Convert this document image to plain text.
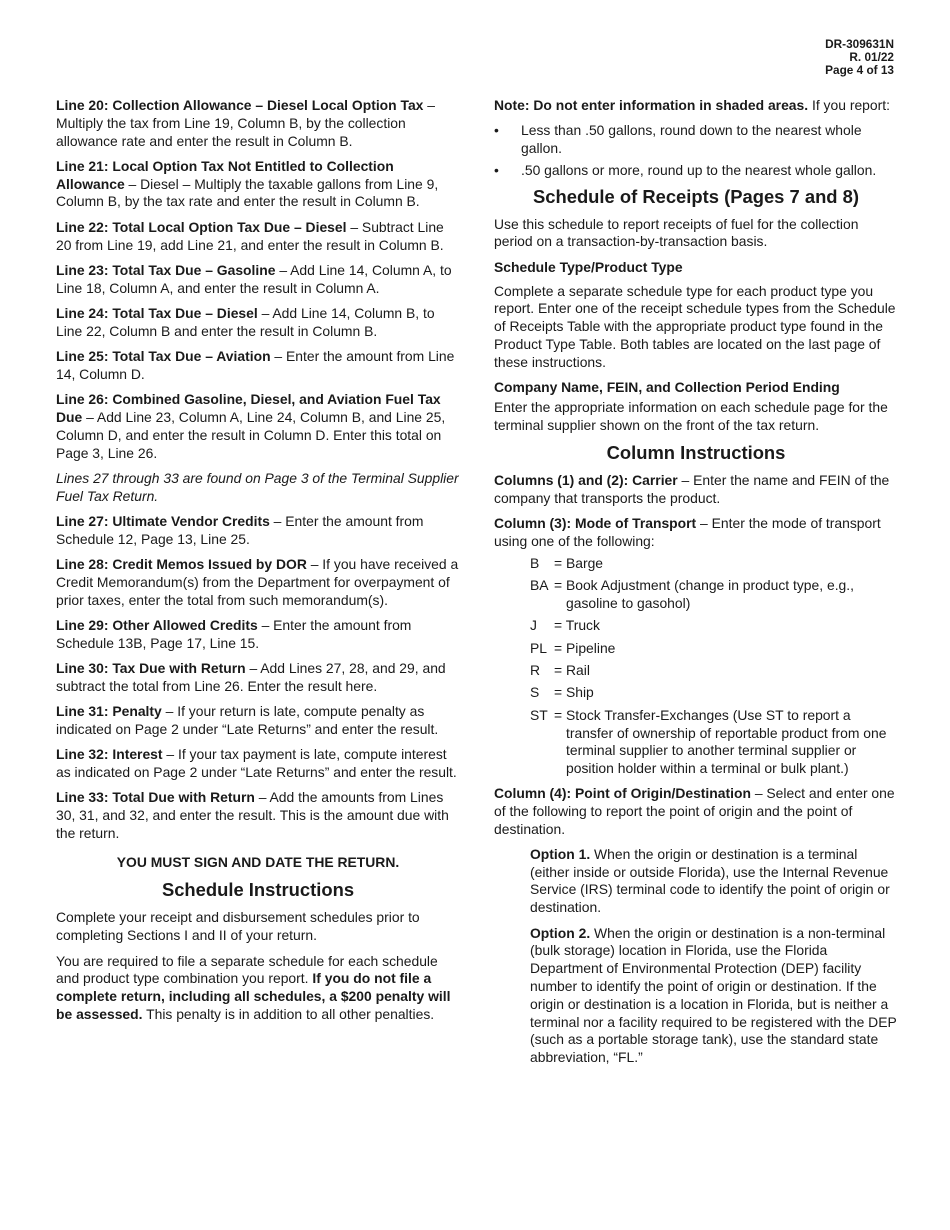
DR-309631N
R. 01/22
Page 4 of 13

Line 20: Collection Allowance – Diesel Local Option Tax – Multiply the tax from Line 19, Column B, by the collection allowance rate and enter the result in Column B.

Line 21: Local Option Tax Not Entitled to Collection Allowance – Diesel – Multiply the taxable gallons from Line 9, Column B, by the tax rate and enter the result in Column B.

Line 22: Total Local Option Tax Due – Diesel – Subtract Line 20 from Line 19, add Line 21, and enter the result in Column B.

Line 23: Total Tax Due – Gasoline – Add Line 14, Column A, to Line 18, Column A, and enter the result in Column A.

Line 24: Total Tax Due – Diesel – Add Line 14, Column B, to Line 22, Column B and enter the result in Column B.

Line 25: Total Tax Due – Aviation – Enter the amount from Line 14, Column D.

Line 26: Combined Gasoline, Diesel, and Aviation Fuel Tax Due – Add Line 23, Column A, Line 24, Column B, and Line 25, Column D, and enter the result in Column D. Enter this total on Page 3, Line 26.

Lines 27 through 33 are found on Page 3 of the Terminal Supplier Fuel Tax Return.

Line 27: Ultimate Vendor Credits – Enter the amount from Schedule 12, Page 13, Line 25.

Line 28: Credit Memos Issued by DOR – If you have received a Credit Memorandum(s) from the Department for overpayment of prior taxes, enter the total from such memorandum(s).

Line 29: Other Allowed Credits – Enter the amount from Schedule 13B, Page 17, Line 15.

Line 30: Tax Due with Return – Add Lines 27, 28, and 29, and subtract the total from Line 26. Enter the result here.

Line 31: Penalty – If your return is late, compute penalty as indicated on Page 2 under “Late Returns” and enter the result.

Line 32: Interest – If your tax payment is late, compute interest as indicated on Page 2 under “Late Returns” and enter the result.

Line 33: Total Due with Return – Add the amounts from Lines 30, 31, and 32, and enter the result. This is the amount due with the return.

YOU MUST SIGN AND DATE THE RETURN.

Schedule Instructions

Complete your receipt and disbursement schedules prior to completing Sections I and II of your return.

You are required to file a separate schedule for each schedule and product type combination you report. If you do not file a complete return, including all schedules, a $200 penalty will be assessed. This penalty is in addition to all other penalties.

Note: Do not enter information in shaded areas. If you report:

• Less than .50 gallons, round down to the nearest whole gallon.
• .50 gallons or more, round up to the nearest whole gallon.
Schedule of Receipts (Pages 7 and 8)

Use this schedule to report receipts of fuel for the collection period on a transaction-by-transaction basis.

Schedule Type/Product Type

Complete a separate schedule type for each product type you report. Enter one of the receipt schedule types from the Schedule of Receipts Table with the appropriate product type found in the Product Type Table. Both tables are located on the last page of these instructions.

Company Name, FEIN, and Collection Period Ending

Enter the appropriate information on each schedule page for the terminal supplier shown on the front of the tax return.

Column Instructions

Columns (1) and (2): Carrier – Enter the name and FEIN of the company that transports the product.

Column (3): Mode of Transport – Enter the mode of transport using one of the following:

B	= Barge
BA = Book Adjustment (change in product type, e.g., gasoline to gasohol)
J	= Truck
PL = Pipeline
R	= Rail
S	= Ship
ST = Stock Transfer-Exchanges (Use ST to report a transfer of ownership of reportable product from one terminal supplier to another terminal supplier or position holder within a terminal or bulk plant.)

Column (4): Point of Origin/Destination – Select and enter one of the following to report the point of origin and the point of destination.

Option 1. When the origin or destination is a terminal (either inside or outside Florida), use the Internal Revenue Service (IRS) terminal code to identify the point of origin or destination.

Option 2. When the origin or destination is a non-terminal (bulk storage) location in Florida, use the Florida Department of Environmental Protection (DEP) facility number to identify the point of origin or destination. If the origin or destination is a location in Florida, but is neither a terminal nor a facility required to be registered with the DEP (such as a portable storage tank), use the standard state abbreviation, “FL.”
